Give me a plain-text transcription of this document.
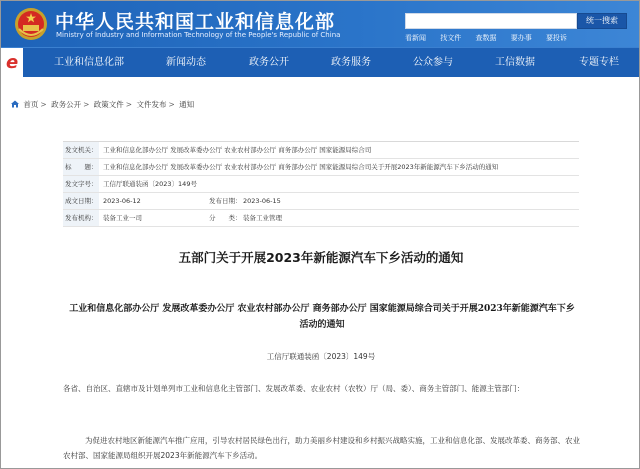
中华人民共和国工业和信息化部
Ministry of Industry and Information Technology of the People's Republic of China
统一搜索
看新闻 找文件 查数据 要办事 要投诉
e	工业和信息化部	新闻动态	政务公开	政务服务	公众参与	工信数据	专题专栏
首页 > 政务公开 > 政策文件 > 文件发布 > 通知
发文机关： 工业和信息化部办公厅 发展改革委办公厅 农业农村部办公厅 商务部办公厅 国家能源局综合司
标　　题： 工业和信息化部办公厅 发展改革委办公厅 农业农村部办公厅 商务部办公厅 国家能源局综合司关于开展2023年新能源汽车下乡活动的通知
发文字号： 工信厅联通装函〔2023〕149号
成文日期： 2023-06-12	发布日期： 2023-06-15
发布机构： 装备工业一司	分　　类： 装备工业管理
五部门关于开展2023年新能源汽车下乡活动的通知
工业和信息化部办公厅 发展改革委办公厅 农业农村部办公厅 商务部办公厅 国家能源局综合司关于开展2023年新能源汽车下乡活动的通知
工信厅联通装函〔2023〕149号
各省、自治区、直辖市及计划单列市工业和信息化主管部门、发展改革委、农业农村（农牧）厅（局、委）、商务主管部门、能源主管部门：
为促进农村地区新能源汽车推广应用，引导农村居民绿色出行，助力美丽乡村建设和乡村振兴战略实施，工业和信息化部、发展改革委、商务部、农业农村部、国家能源局组织开展2023年新能源汽车下乡活动。
